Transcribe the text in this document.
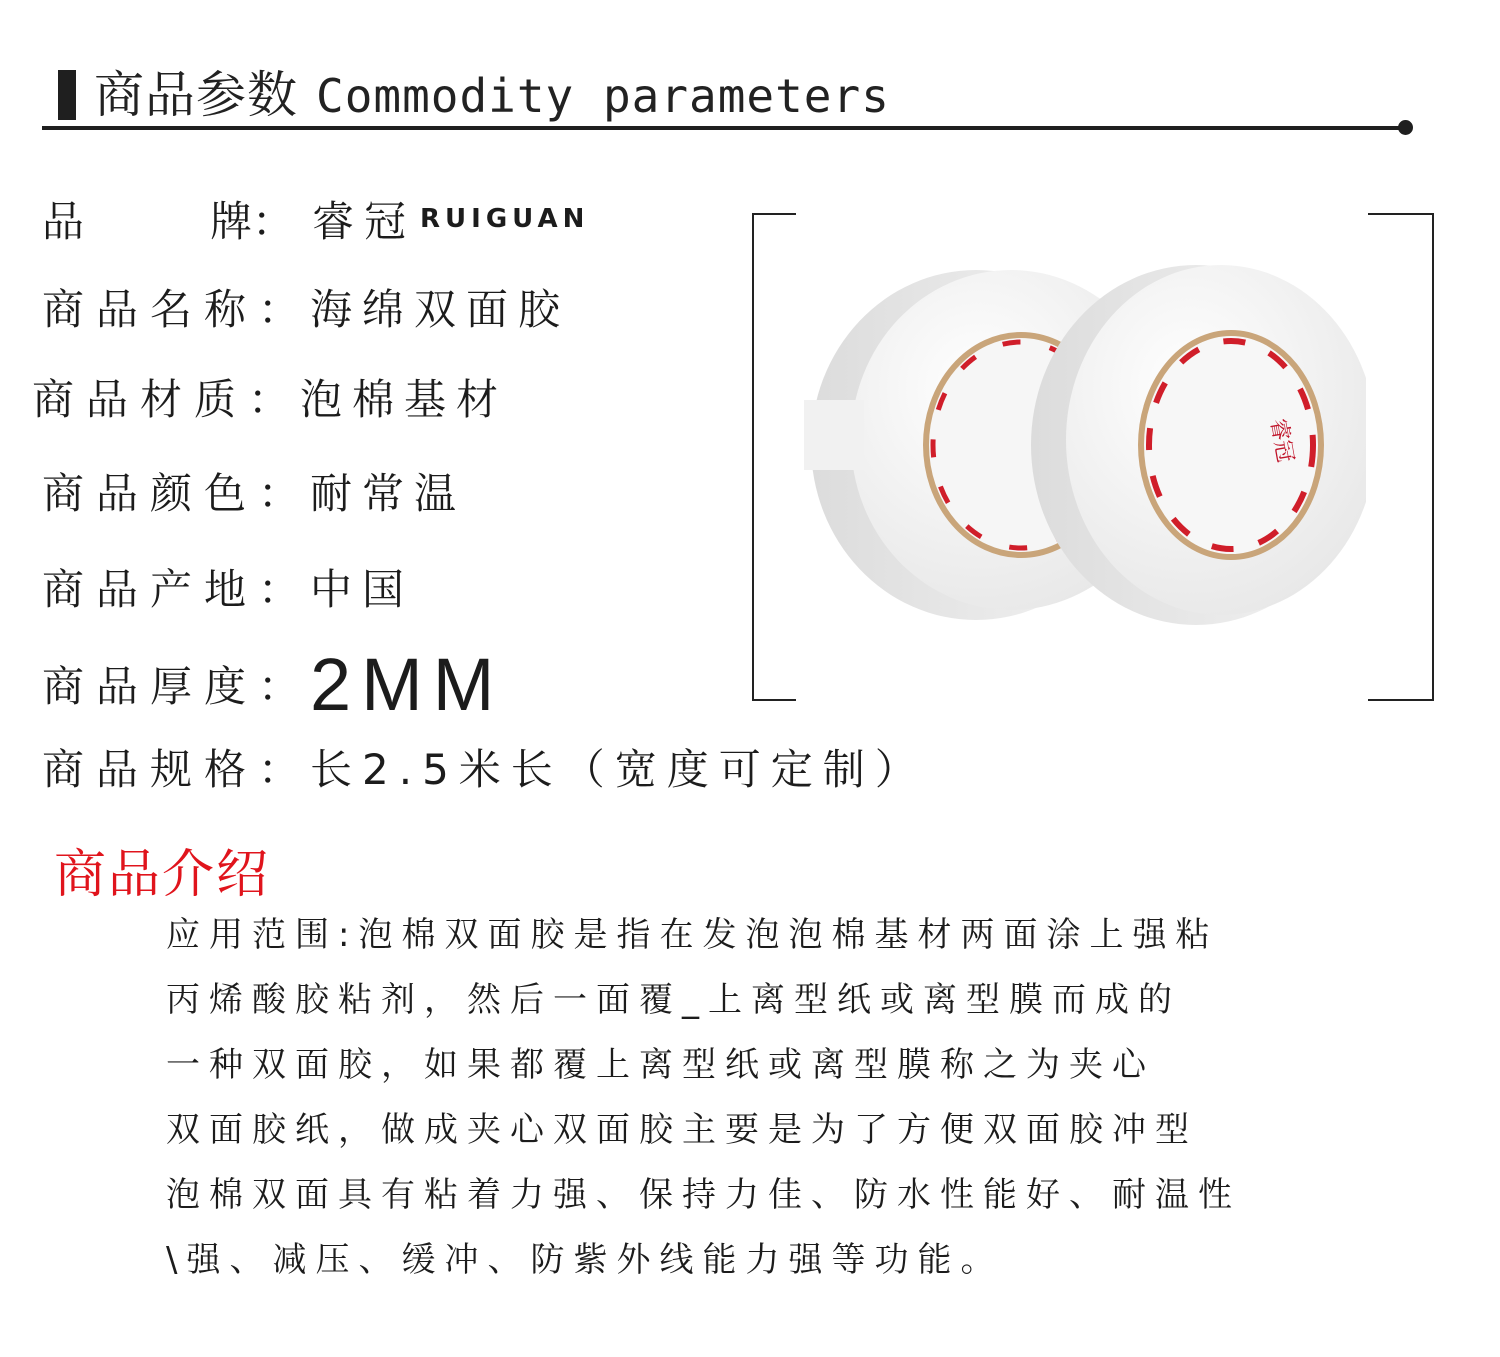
商品参数 Commodity parameters
品　　　牌： 睿冠 RUIGUAN
商品名称：
海绵双面胶
商品材质：
泡棉基材
商品颜色：
耐常温
商品产地：
中国
商品厚度：
2MM
商品规格：
长2.5米长（宽度可定制）
睿冠
商品介绍
应用范围:泡棉双面胶是指在发泡泡棉基材两面涂上强粘
丙烯酸胶粘剂，然后一面覆_上离型纸或离型膜而成的
一种双面胶，如果都覆上离型纸或离型膜称之为夹心
双面胶纸，做成夹心双面胶主要是为了方便双面胶冲型
泡棉双面具有粘着力强、保持力佳、防水性能好、耐温性
\强、减压、缓冲、防紫外线能力强等功能。
